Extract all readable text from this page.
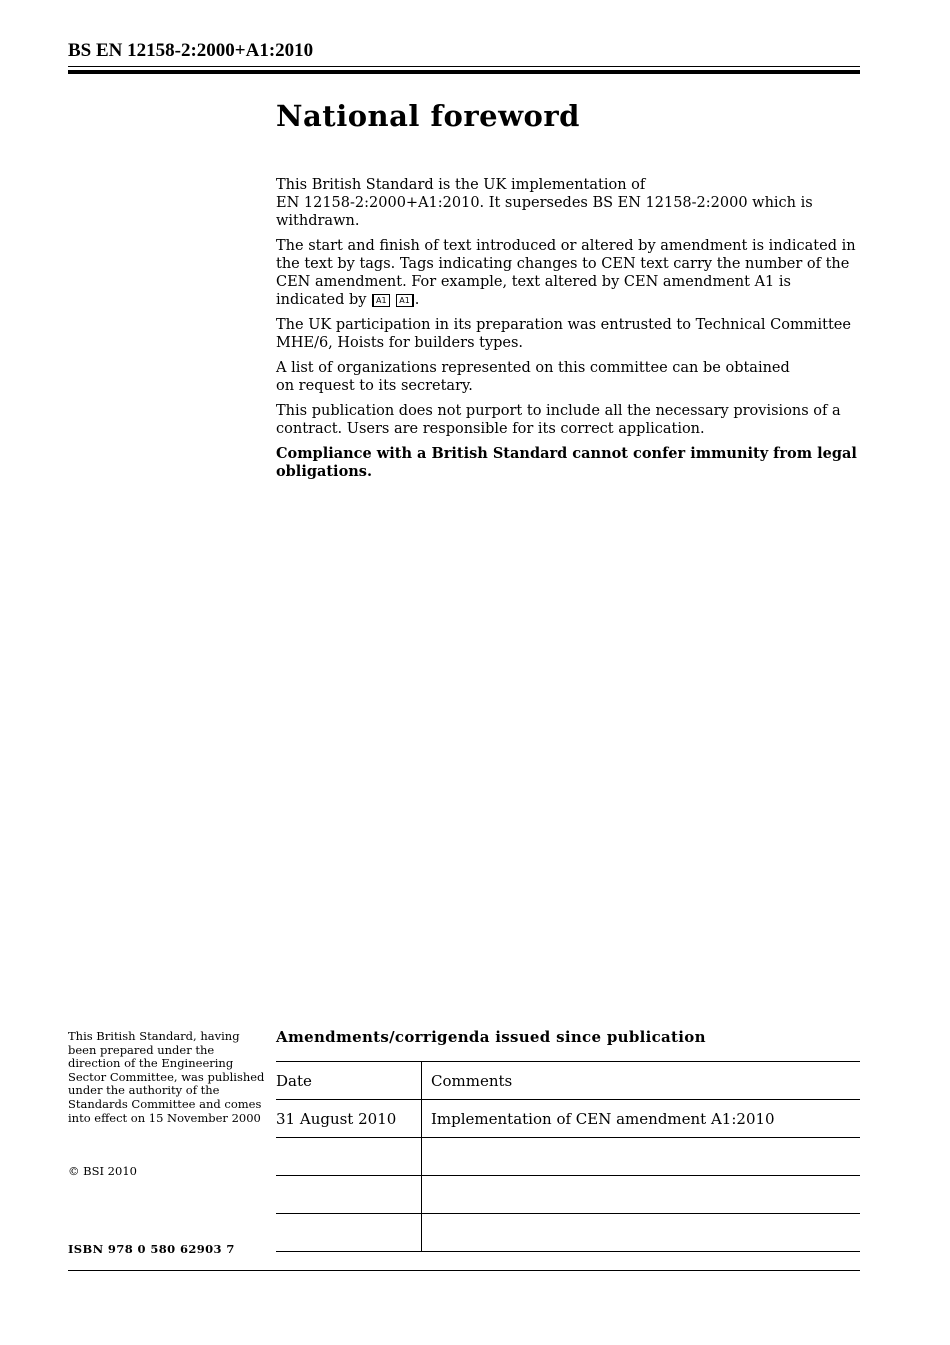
BS EN 12158-2:2000+A1:2010
National foreword

This British Standard is the UK implementation of
EN 12158-2:2000+A1:2010. It supersedes BS EN 12158-2:2000 which is withdrawn.

The start and finish of text introduced or altered by amendment is indicated in the text by tags. Tags indicating changes to CEN text carry the number of the CEN amendment. For example, text altered by CEN amendment A1 is indicated by A1 A1 .

The UK participation in its preparation was entrusted to Technical Committee MHE/6, Hoists for builders types.

A list of organizations represented on this committee can be obtained
on request to its secretary.

This publication does not purport to include all the necessary provisions of a contract. Users are responsible for its correct application.

Compliance with a British Standard cannot confer immunity from legal obligations.

This British Standard, having
been prepared under the
direction of the Engineering
Sector Committee, was published
under the authority of the
Standards Committee and comes
into effect on 15 November 2000
© BSI 2010
ISBN 978 0 580 62903 7
Amendments/corrigenda issued since publication
Date	Comments
31 August 2010	Implementation of CEN amendment A1:2010
